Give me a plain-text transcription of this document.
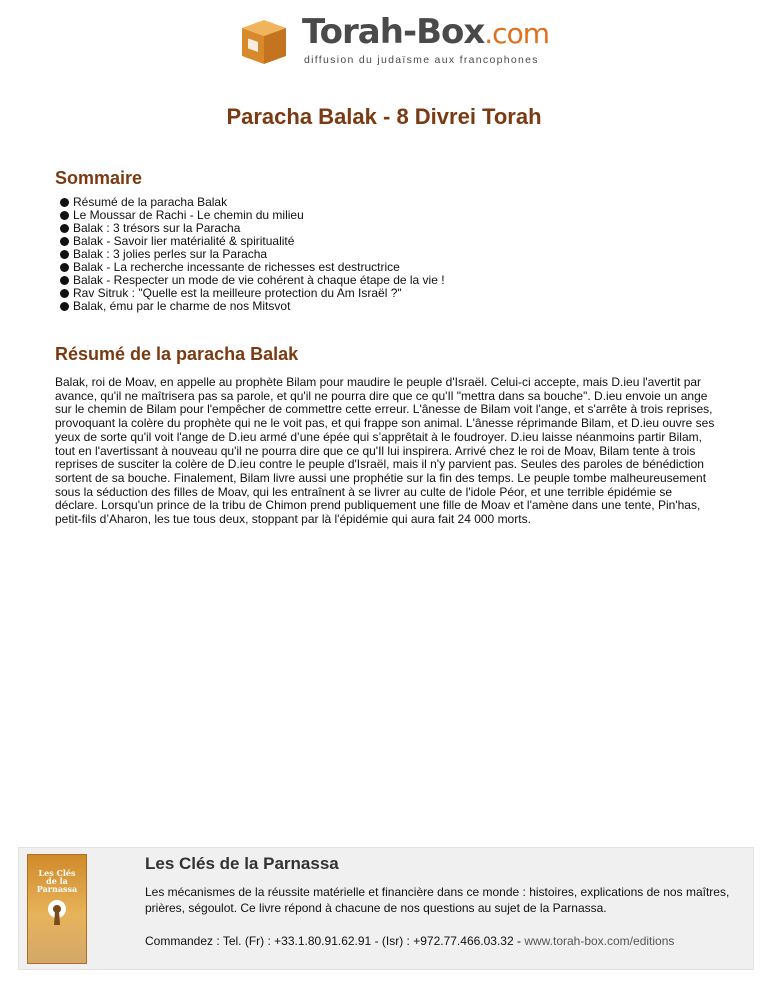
Torah-Box.com
diffusion du judaïsme aux francophones
Paracha Balak - 8 Divrei Torah
Sommaire
Résumé de la paracha Balak
Le Moussar de Rachi - Le chemin du milieu
Balak : 3 trésors sur la Paracha
Balak - Savoir lier matérialité & spiritualité
Balak : 3 jolies perles sur la Paracha
Balak - La recherche incessante de richesses est destructrice
Balak - Respecter un mode de vie cohérent à chaque étape de la vie !
Rav Sitruk : "Quelle est la meilleure protection du Am Israël ?"
Balak, ému par le charme de nos Mitsvot
Résumé de la paracha Balak

Balak, roi de Moav, en appelle au prophète Bilam pour maudire le peuple d'Israël. Celui-ci accepte, mais D.ieu l'avertit par avance, qu'il ne maîtrisera pas sa parole, et qu'il ne pourra dire que ce qu'Il "mettra dans sa bouche". D.ieu envoie un ange sur le chemin de Bilam pour l'empêcher de commettre cette erreur. L'ânesse de Bilam voit l'ange, et s'arrête à trois reprises, provoquant la colère du prophète qui ne le voit pas, et qui frappe son animal. L'ânesse réprimande Bilam, et D.ieu ouvre ses yeux de sorte qu'il voit l'ange de D.ieu armé d’une épée qui s’apprêtait à le foudroyer. D.ieu laisse néanmoins partir Bilam, tout en l'avertissant à nouveau qu'il ne pourra dire que ce qu'Il lui inspirera. Arrivé chez le roi de Moav, Bilam tente à trois reprises de susciter la colère de D.ieu contre le peuple d'Israël, mais il n'y parvient pas. Seules des paroles de bénédiction sortent de sa bouche. Finalement, Bilam livre aussi une prophétie sur la fin des temps. Le peuple tombe malheureusement sous la séduction des filles de Moav, qui les entraînent à se livrer au culte de l'idole Péor, et une terrible épidémie se déclare. Lorsqu'un prince de la tribu de Chimon prend publiquement une fille de Moav et l'amène dans une tente, Pin'has, petit-fils d’Aharon, les tue tous deux, stoppant par là l'épidémie qui aura fait 24 000 morts.

Les Clés
de la Parnassa
Les Clés de la Parnassa

Les mécanismes de la réussite matérielle et financière dans ce monde : histoires, explications de nos maîtres, prières, ségoulot. Ce livre répond à chacune de nos questions au sujet de la Parnassa.

Commandez : Tel. (Fr) : +33.1.80.91.62.91 - (Isr) : +972.77.466.03.32 - www.torah-box.com/editions
